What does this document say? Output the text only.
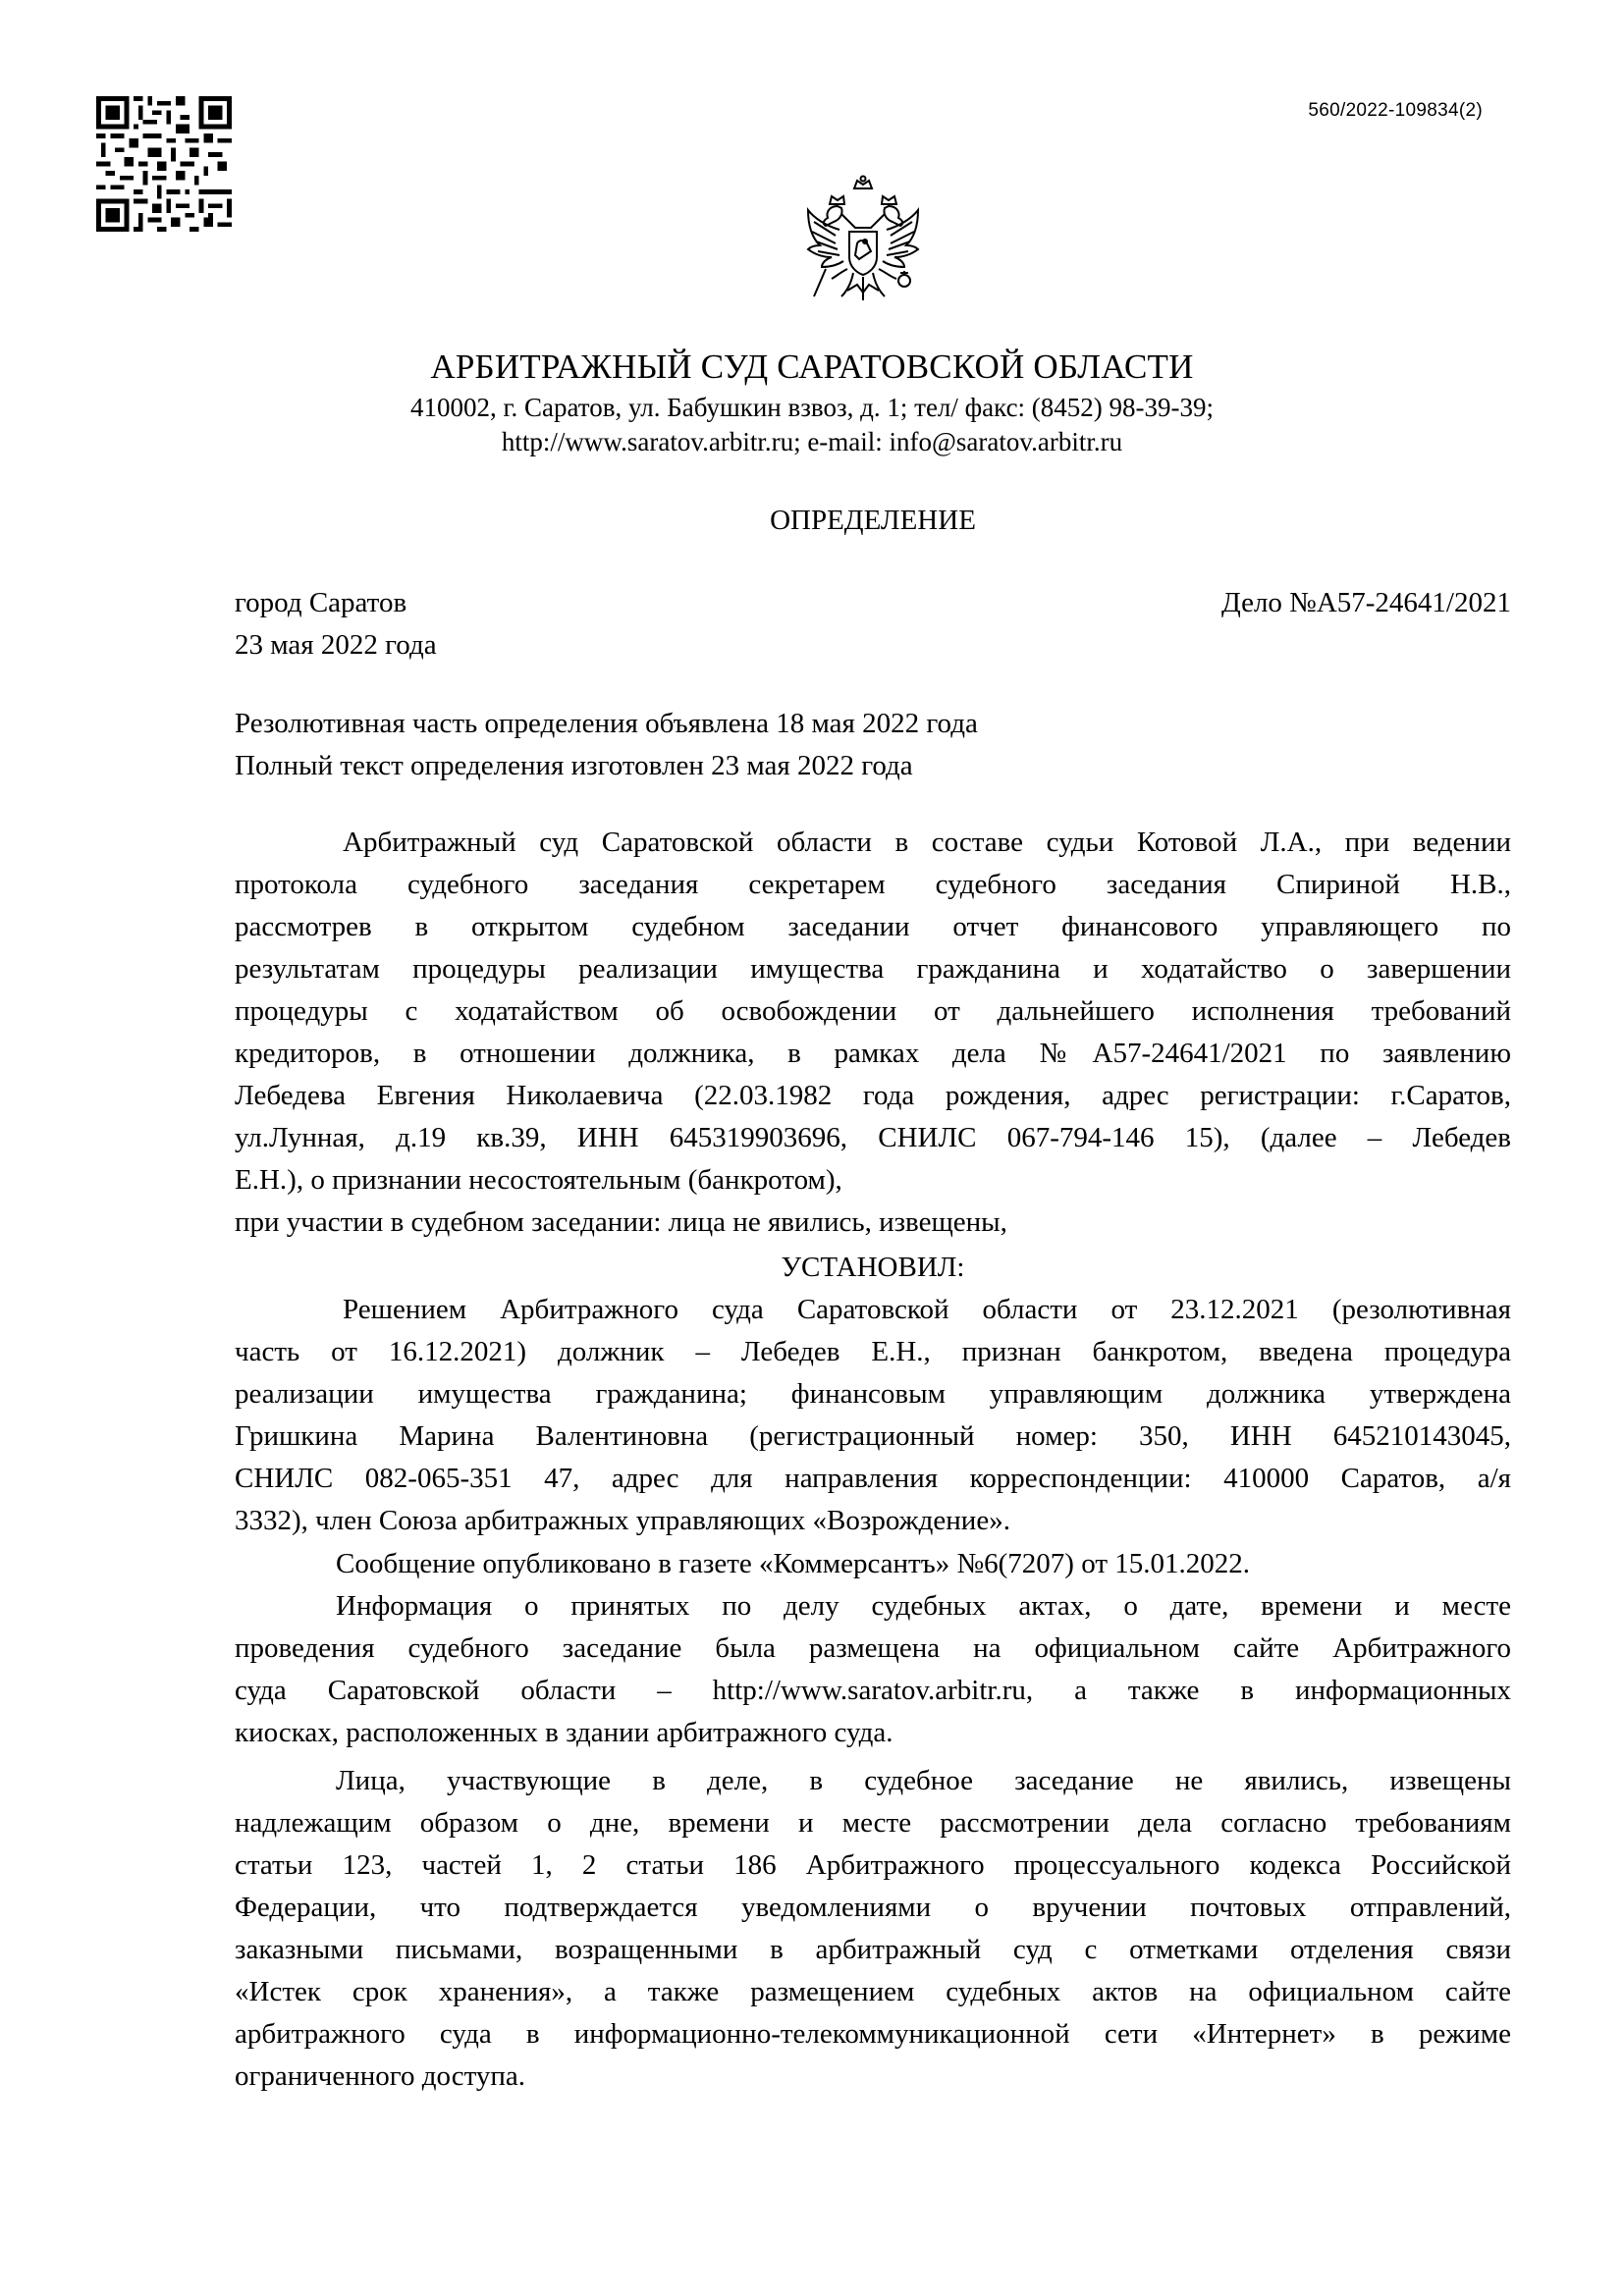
560/2022-109834(2)
АРБИТРАЖНЫЙ СУД САРАТОВСКОЙ ОБЛАСТИ
410002, г. Саратов, ул. Бабушкин взвоз, д. 1; тел/ факс: (8452) 98-39-39;
http://www.saratov.arbitr.ru; e-mail: info@saratov.arbitr.ru
ОПРЕДЕЛЕНИЕ
город Саратов
23 мая 2022 года
Дело №А57-24641/2021
Резолютивная часть определения объявлена 18 мая 2022 года
Полный текст определения изготовлен 23 мая 2022 года
Арбитражный суд Саратовской области в составе судьи Котовой Л.А., при ведении
протокола судебного заседания секретарем судебного заседания Спириной Н.В.,
рассмотрев в открытом судебном заседании отчет финансового управляющего по
результатам процедуры реализации имущества гражданина и ходатайство о завершении
процедуры с ходатайством об освобождении от дальнейшего исполнения требований
кредиторов, в отношении должника, в рамках дела №А57-24641/2021 по заявлению
Лебедева Евгения Николаевича (22.03.1982 года рождения, адрес регистрации: г.Саратов,
ул.Лунная, д.19 кв.39, ИНН 645319903696, СНИЛС 067-794-146 15), (далее – Лебедев
Е.Н.), о признании несостоятельным (банкротом),
при участии в судебном заседании: лица не явились, извещены,
УСТАНОВИЛ:
Решением Арбитражного суда Саратовской области от 23.12.2021 (резолютивная
часть от 16.12.2021) должник – Лебедев Е.Н., признан банкротом, введена процедура
реализации имущества гражданина; финансовым управляющим должника утверждена
Гришкина Марина Валентиновна (регистрационный номер: 350, ИНН 645210143045,
СНИЛС 082-065-351 47, адрес для направления корреспонденции: 410000 Саратов, а/я
3332), член Союза арбитражных управляющих «Возрождение».
Сообщение опубликовано в газете «Коммерсантъ» №6(7207) от 15.01.2022.
Информация о принятых по делу судебных актах, о дате, времени и месте
проведения судебного заседание была размещена на официальном сайте Арбитражного
суда Саратовской области – http://www.saratov.arbitr.ru, а также в информационных
киосках, расположенных в здании арбитражного суда.
Лица, участвующие в деле, в судебное заседание не явились, извещены
надлежащим образом о дне, времени и месте рассмотрении дела согласно требованиям
статьи 123, частей 1, 2 статьи 186 Арбитражного процессуального кодекса Российской
Федерации, что подтверждается уведомлениями о вручении почтовых отправлений,
заказными письмами, возращенными в арбитражный суд с отметками отделения связи
«Истек срок хранения», а также размещением судебных актов на официальном сайте
арбитражного суда в информационно-телекоммуникационной сети «Интернет» в режиме
ограниченного доступа.
